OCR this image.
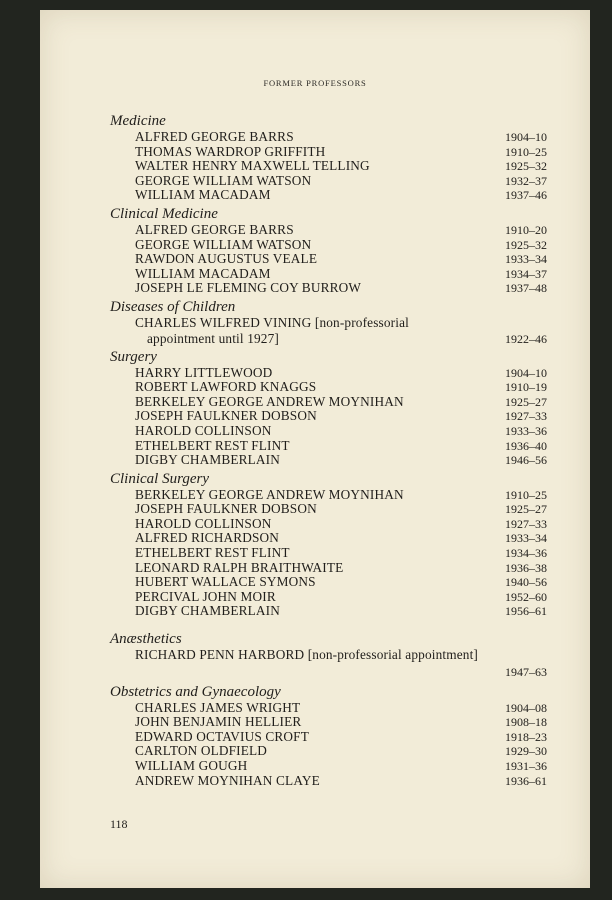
FORMER PROFESSORS
Medicine
ALFRED GEORGE BARRS	1904–10
THOMAS WARDROP GRIFFITH	1910–25
WALTER HENRY MAXWELL TELLING	1925–32
GEORGE WILLIAM WATSON	1932–37
WILLIAM MACADAM	1937–46
Clinical Medicine
ALFRED GEORGE BARRS	1910–20
GEORGE WILLIAM WATSON	1925–32
RAWDON AUGUSTUS VEALE	1933–34
WILLIAM MACADAM	1934–37
JOSEPH LE FLEMING COY BURROW	1937–48
Diseases of Children
CHARLES WILFRED VINING [non-professorial
appointment until 1927]	1922–46
Surgery
HARRY LITTLEWOOD	1904–10
ROBERT LAWFORD KNAGGS	1910–19
BERKELEY GEORGE ANDREW MOYNIHAN	1925–27
JOSEPH FAULKNER DOBSON	1927–33
HAROLD COLLINSON	1933–36
ETHELBERT REST FLINT	1936–40
DIGBY CHAMBERLAIN	1946–56
Clinical Surgery
BERKELEY GEORGE ANDREW MOYNIHAN	1910–25
JOSEPH FAULKNER DOBSON	1925–27
HAROLD COLLINSON	1927–33
ALFRED RICHARDSON	1933–34
ETHELBERT REST FLINT	1934–36
LEONARD RALPH BRAITHWAITE	1936–38
HUBERT WALLACE SYMONS	1940–56
PERCIVAL JOHN MOIR	1952–60
DIGBY CHAMBERLAIN	1956–61
Anæsthetics
RICHARD PENN HARBORD [non-professorial appointment]
1947–63
Obstetrics and Gynaecology
CHARLES JAMES WRIGHT	1904–08
JOHN BENJAMIN HELLIER	1908–18
EDWARD OCTAVIUS CROFT	1918–23
CARLTON OLDFIELD	1929–30
WILLIAM GOUGH	1931–36
ANDREW MOYNIHAN CLAYE	1936–61
118
